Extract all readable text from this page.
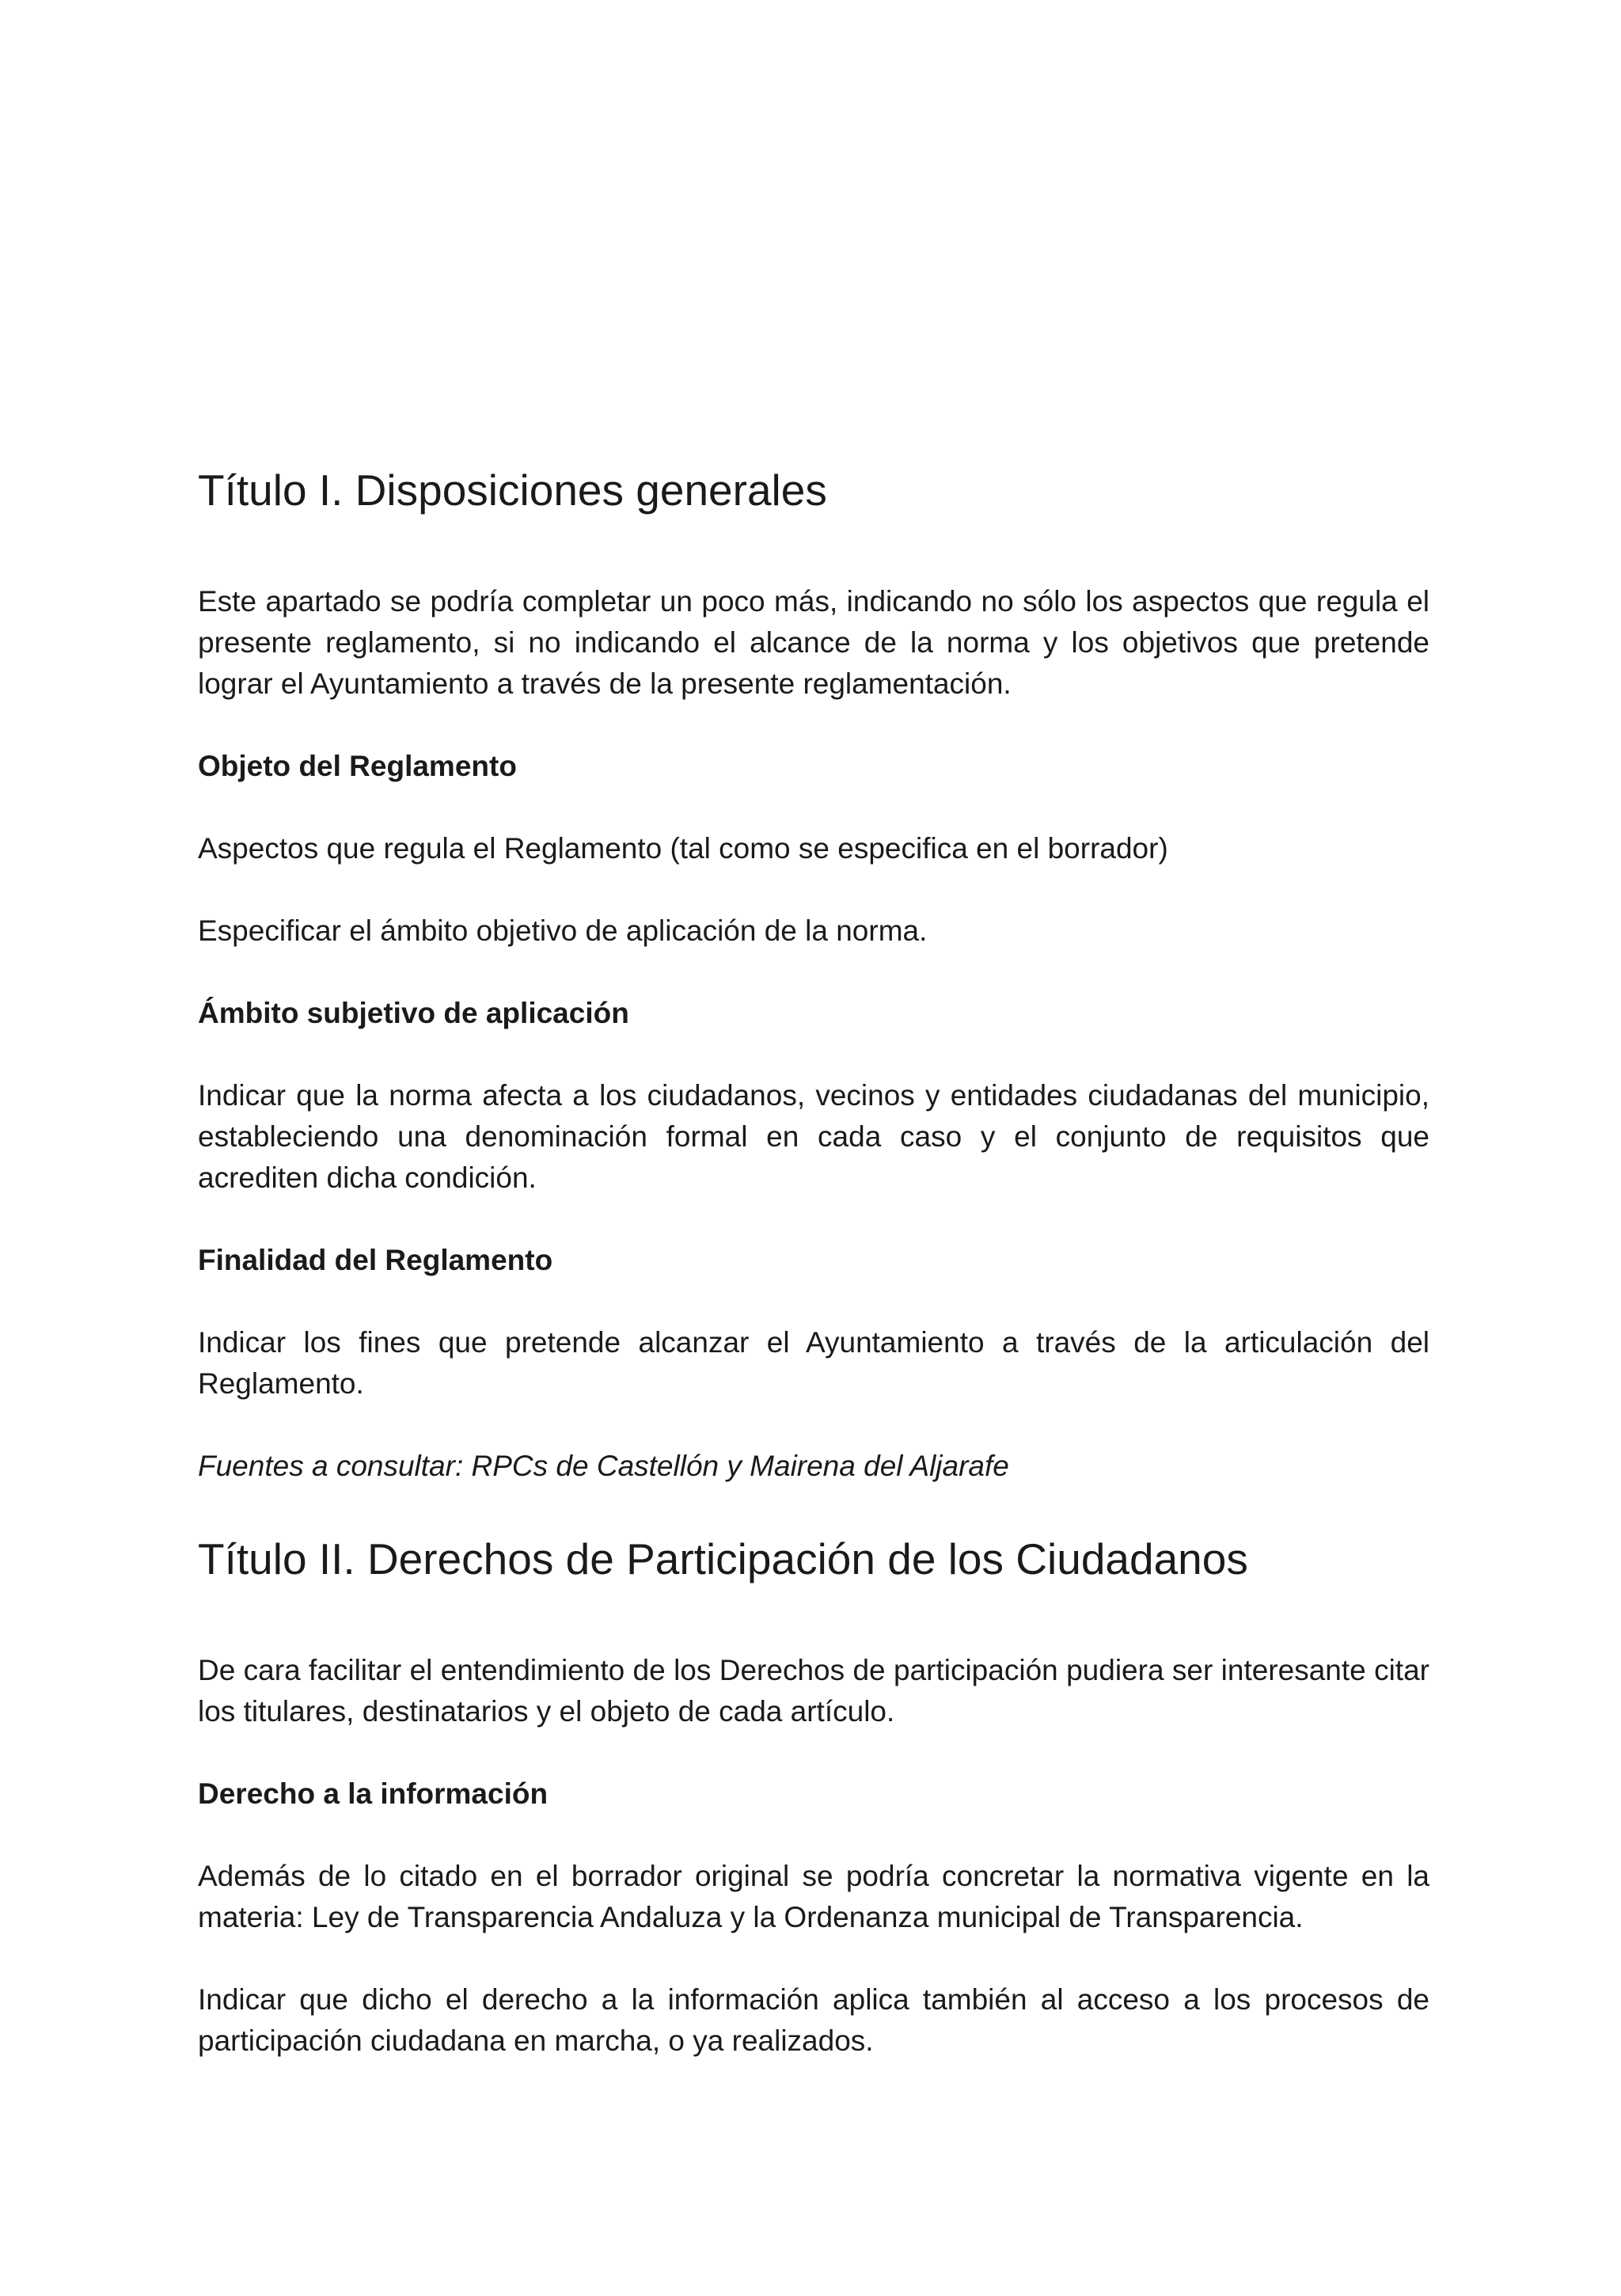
Título I. Disposiciones generales

Este apartado se podría completar un poco más, indicando no sólo los aspectos que regula el presente reglamento, si no indicando el alcance de la norma y los objetivos que pretende lograr el Ayuntamiento a través de la presente reglamentación.

Objeto del Reglamento

Aspectos que regula el Reglamento (tal como se especifica en el borrador)

Especificar el ámbito objetivo de aplicación de la norma.

Ámbito subjetivo de aplicación

Indicar que la norma afecta a los ciudadanos, vecinos y entidades ciudadanas del municipio, estableciendo una denominación formal en cada caso y el conjunto de requisitos que acrediten dicha condición.

Finalidad del Reglamento

Indicar los fines que pretende alcanzar el Ayuntamiento a través de la articulación del Reglamento.

Fuentes a consultar: RPCs de Castellón y Mairena del Aljarafe

Título II. Derechos de Participación de los Ciudadanos

De cara facilitar el entendimiento de los Derechos de participación pudiera ser interesante citar los titulares, destinatarios y el objeto de cada artículo.

Derecho a la información

Además de lo citado en el borrador original se podría concretar la normativa vigente en la materia: Ley de Transparencia Andaluza y la Ordenanza municipal de Transparencia.

Indicar que dicho el derecho a la información aplica también al acceso a los procesos de participación ciudadana en marcha, o ya realizados.
